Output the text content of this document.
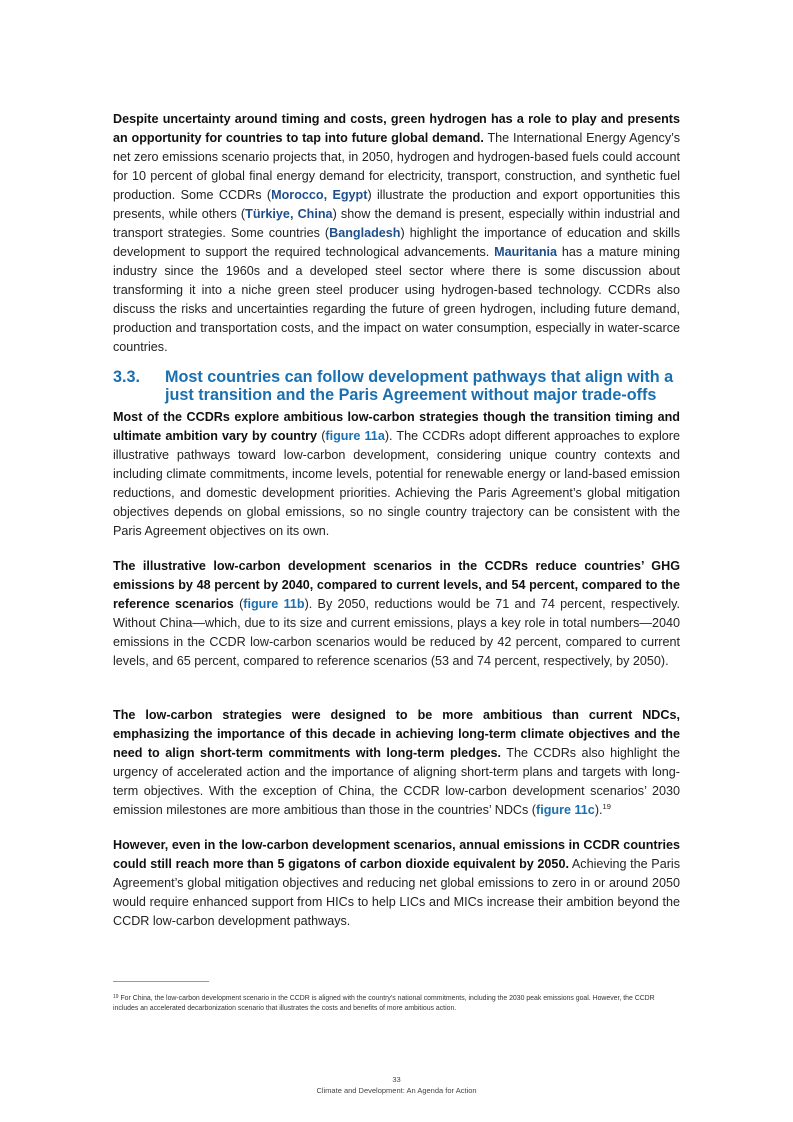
Despite uncertainty around timing and costs, green hydrogen has a role to play and presents an opportunity for countries to tap into future global demand. The International Energy Agency’s net zero emissions scenario projects that, in 2050, hydrogen and hydrogen-based fuels could account for 10 percent of global final energy demand for electricity, transport, construction, and synthetic fuel production. Some CCDRs (Morocco, Egypt) illustrate the production and export opportunities this presents, while others (Türkiye, China) show the demand is present, especially within industrial and transport strategies. Some countries (Bangladesh) highlight the importance of education and skills development to support the required technological advancements. Mauritania has a mature mining industry since the 1960s and a developed steel sector where there is some discussion about transforming it into a niche green steel producer using hydrogen-based technology. CCDRs also discuss the risks and uncertainties regarding the future of green hydrogen, including future demand, production and transportation costs, and the impact on water consumption, especially in water-scarce countries.

3.3.	Most countries can follow development pathways that align with a just transition and the Paris Agreement without major trade-offs

Most of the CCDRs explore ambitious low-carbon strategies though the transition timing and ultimate ambition vary by country (figure 11a). The CCDRs adopt different approaches to explore illustrative pathways toward low-carbon development, considering unique country contexts and including climate commitments, income levels, potential for renewable energy or land-based emission reductions, and domestic development priorities. Achieving the Paris Agreement’s global mitigation objectives depends on global emissions, so no single country trajectory can be consistent with the Paris Agreement objectives on its own.

The illustrative low-carbon development scenarios in the CCDRs reduce countries’ GHG emissions by 48 percent by 2040, compared to current levels, and 54 percent, compared to the reference scenarios (figure 11b). By 2050, reductions would be 71 and 74 percent, respectively. Without China—which, due to its size and current emissions, plays a key role in total numbers—2040 emissions in the CCDR low-carbon scenarios would be reduced by 42 percent, compared to current levels, and 65 percent, compared to reference scenarios (53 and 74 percent, respectively, by 2050).

The low-carbon strategies were designed to be more ambitious than current NDCs, emphasizing the importance of this decade in achieving long-term climate objectives and the need to align short-term commitments with long-term pledges. The CCDRs also highlight the urgency of accelerated action and the importance of aligning short-term plans and targets with long-term objectives. With the exception of China, the CCDR low-carbon development scenarios’ 2030 emission milestones are more ambitious than those in the countries’ NDCs (figure 11c).$^{19}$

However, even in the low-carbon development scenarios, annual emissions in CCDR countries could still reach more than 5 gigatons of carbon dioxide equivalent by 2050. Achieving the Paris Agreement’s global mitigation objectives and reducing net global emissions to zero in or around 2050 would require enhanced support from HICs to help LICs and MICs increase their ambition beyond the CCDR low-carbon development pathways.

$^{19}$ For China, the low-carbon development scenario in the CCDR is aligned with the country’s national commitments, including the 2030 peak emissions goal. However, the CCDR includes an accelerated decarbonization scenario that illustrates the costs and benefits of more ambitious action.
33
Climate and Development: An Agenda for Action
